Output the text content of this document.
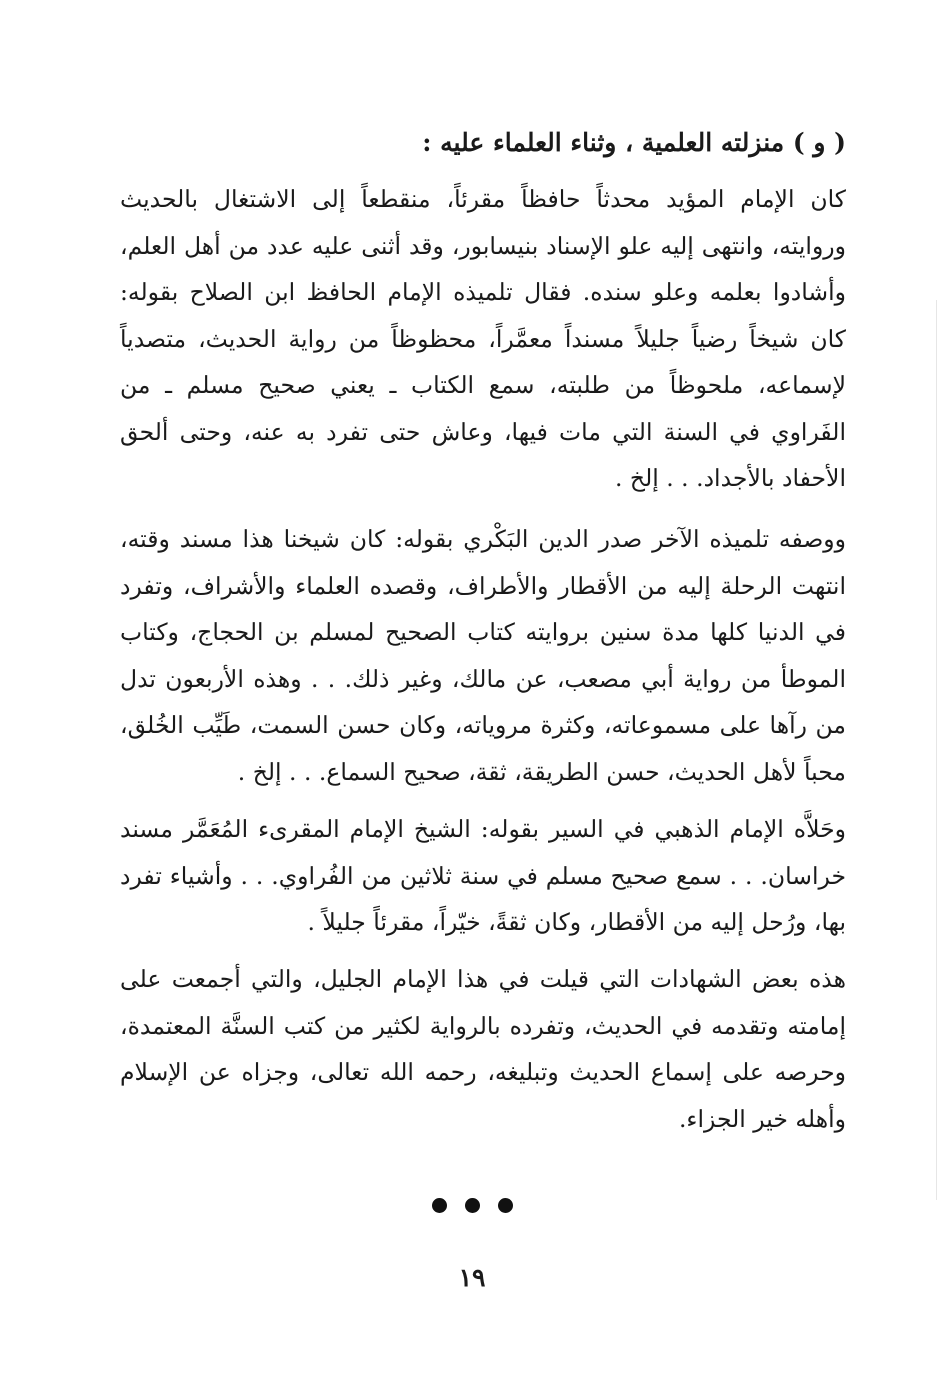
( و ) منزلته العلمية ، وثناء العلماء عليه :

كان الإمام المؤيد محدثاً حافظاً مقرئاً، منقطعاً إلى الاشتغال بالحديث وروايته، وانتهى إليه علو الإسناد بنيسابور، وقد أثنى عليه عدد من أهل العلم، وأشادوا بعلمه وعلو سنده. فقال تلميذه الإمام الحافظ ابن الصلاح بقوله: كان شيخاً رضياً جليلاً مسنداً معمَّراً، محظوظاً من رواية الحديث، متصدياً لإسماعه، ملحوظاً من طلبته، سمع الكتاب ـ يعني صحيح مسلم ـ من الفَراوي في السنة التي مات فيها، وعاش حتى تفرد به عنه، وحتى ألحق الأحفاد بالأجداد. . . إلخ .

ووصفه تلميذه الآخر صدر الدين البَكْري بقوله: كان شيخنا هذا مسند وقته، انتهت الرحلة إليه من الأقطار والأطراف، وقصده العلماء والأشراف، وتفرد في الدنيا كلها مدة سنين بروايته كتاب الصحيح لمسلم بن الحجاج، وكتاب الموطأ من رواية أبي مصعب، عن مالك، وغير ذلك. . . وهذه الأربعون تدل من رآها على مسموعاته، وكثرة مروياته، وكان حسن السمت، طَيِّب الخُلق، محباً لأهل الحديث، حسن الطريقة، ثقة، صحيح السماع. . . إلخ .

وحَلاَّه الإمام الذهبي في السير بقوله: الشيخ الإمام المقرىء المُعَمَّر مسند خراسان. . . سمع صحيح مسلم في سنة ثلاثين من الفُراوي. . . وأشياء تفرد بها، ورُحل إليه من الأقطار، وكان ثقةً، خيّراً، مقرئاً جليلاً .

هذه بعض الشهادات التي قيلت في هذا الإمام الجليل، والتي أجمعت على إمامته وتقدمه في الحديث، وتفرده بالرواية لكثير من كتب السنَّة المعتمدة، وحرصه على إسماع الحديث وتبليغه، رحمه الله تعالى، وجزاه عن الإسلام وأهله خير الجزاء.

١٩
